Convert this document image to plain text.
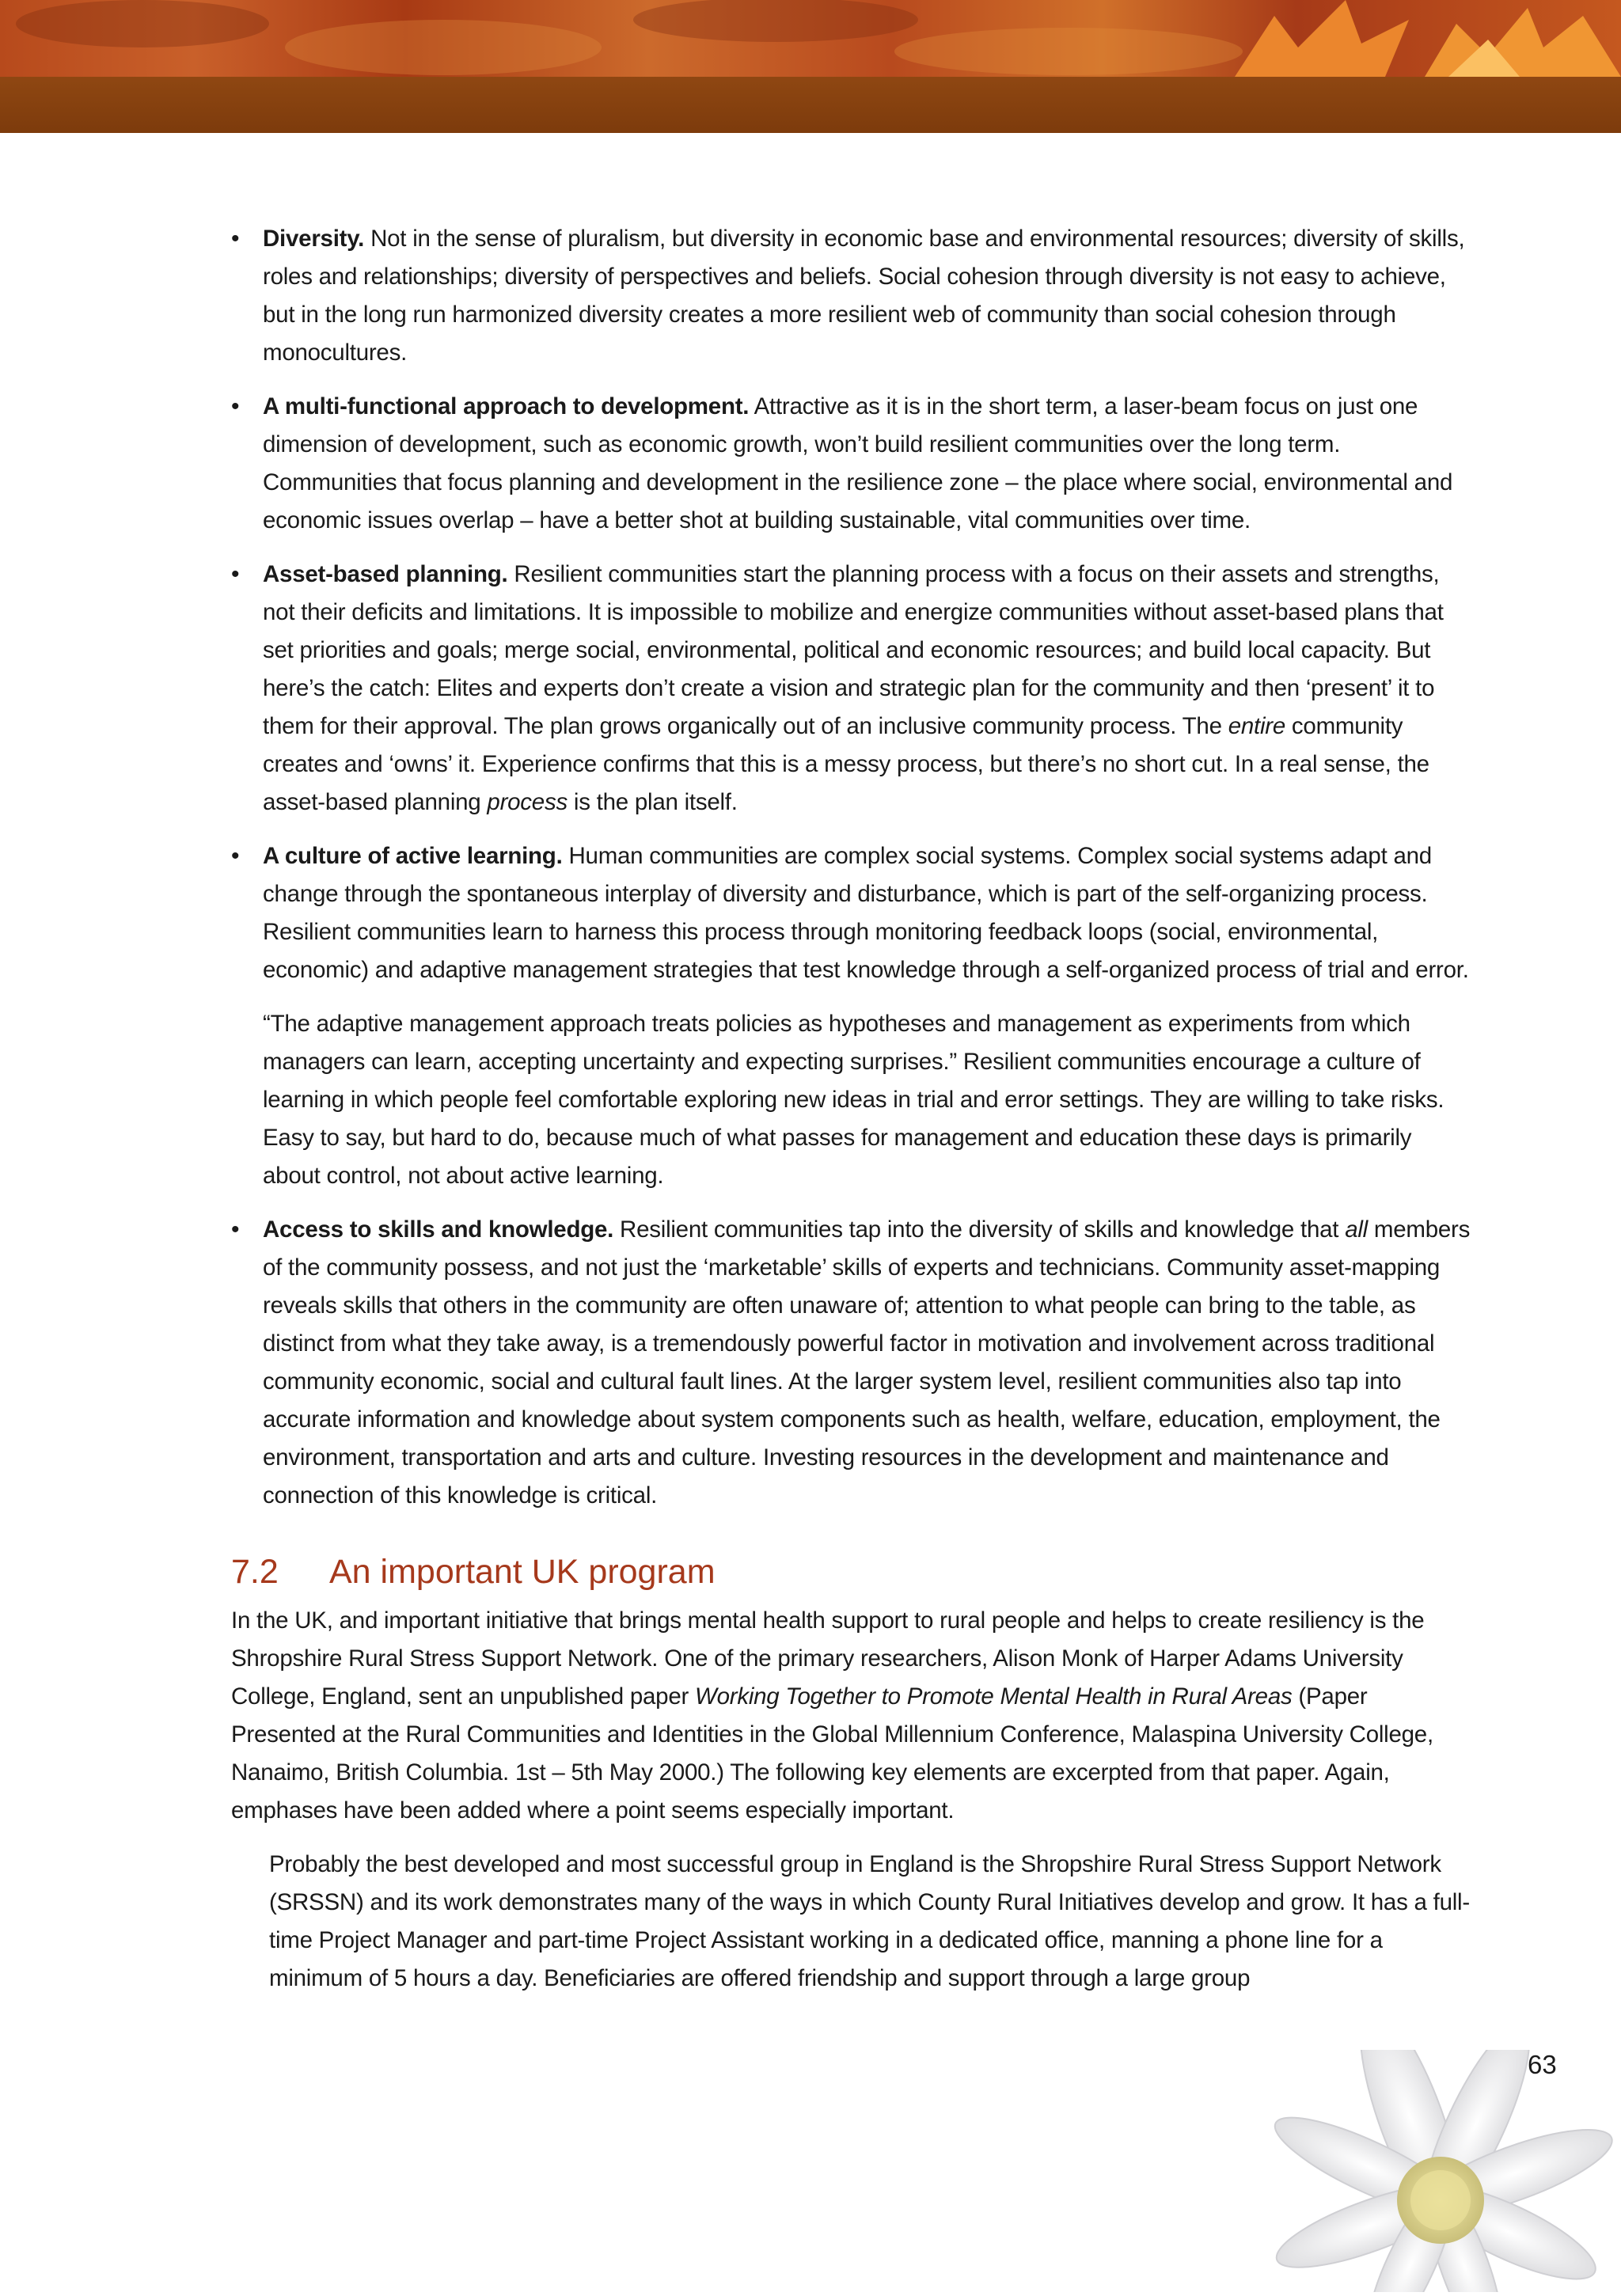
• Diversity. Not in the sense of pluralism, but diversity in economic base and environmental resources; diversity of skills, roles and relationships; diversity of perspectives and beliefs. Social cohesion through diversity is not easy to achieve, but in the long run harmonized diversity creates a more resilient web of community than social cohesion through monocultures.

• A multi-functional approach to development. Attractive as it is in the short term, a laser-beam focus on just one dimension of development, such as economic growth, won’t build resilient communities over the long term. Communities that focus planning and development in the resilience zone – the place where social, environmental and economic issues overlap – have a better shot at building sustainable, vital communities over time.

• Asset-based planning. Resilient communities start the planning process with a focus on their assets and strengths, not their deficits and limitations. It is impossible to mobilize and energize communities without asset-based plans that set priorities and goals; merge social, environmental, political and economic resources; and build local capacity. But here’s the catch: Elites and experts don’t create a vision and strategic plan for the community and then ‘present’ it to them for their approval. The plan grows organically out of an inclusive community process. The entire community creates and ‘owns’ it. Experience confirms that this is a messy process, but there’s no short cut. In a real sense, the asset-based planning process is the plan itself.

• A culture of active learning. Human communities are complex social systems. Complex social systems adapt and change through the spontaneous interplay of diversity and disturbance, which is part of the self-organizing process. Resilient communities learn to harness this process through monitoring feedback loops (social, environmental, economic) and adaptive management strategies that test knowledge through a self-organized process of trial and error.

“The adaptive management approach treats policies as hypotheses and management as experiments from which managers can learn, accepting uncertainty and expecting surprises.” Resilient communities encourage a culture of learning in which people feel comfortable exploring new ideas in trial and error settings. They are willing to take risks. Easy to say, but hard to do, because much of what passes for management and education these days is primarily about control, not about active learning.

• Access to skills and knowledge. Resilient communities tap into the diversity of skills and knowledge that all members of the community possess, and not just the ‘marketable’ skills of experts and technicians. Community asset-mapping reveals skills that others in the community are often unaware of; attention to what people can bring to the table, as distinct from what they take away, is a tremendously powerful factor in motivation and involvement across traditional community economic, social and cultural fault lines. At the larger system level, resilient communities also tap into accurate information and knowledge about system components such as health, welfare, education, employment, the environment, transportation and arts and culture. Investing resources in the development and maintenance and connection of this knowledge is critical.

7.2 An important UK program

In the UK, and important initiative that brings mental health support to rural people and helps to create resiliency is the Shropshire Rural Stress Support Network. One of the primary researchers, Alison Monk of Harper Adams University College, England, sent an unpublished paper Working Together to Promote Mental Health in Rural Areas (Paper Presented at the Rural Communities and Identities in the Global Millennium Conference, Malaspina University College, Nanaimo, British Columbia. 1st – 5th May 2000.) The following key elements are excerpted from that paper. Again, emphases have been added where a point seems especially important.

Probably the best developed and most successful group in England is the Shropshire Rural Stress Support Network (SRSSN) and its work demonstrates many of the ways in which County Rural Initiatives develop and grow. It has a full-time Project Manager and part-time Project Assistant working in a dedicated office, manning a phone line for a minimum of 5 hours a day. Beneficiaries are offered friendship and support through a large group

63
